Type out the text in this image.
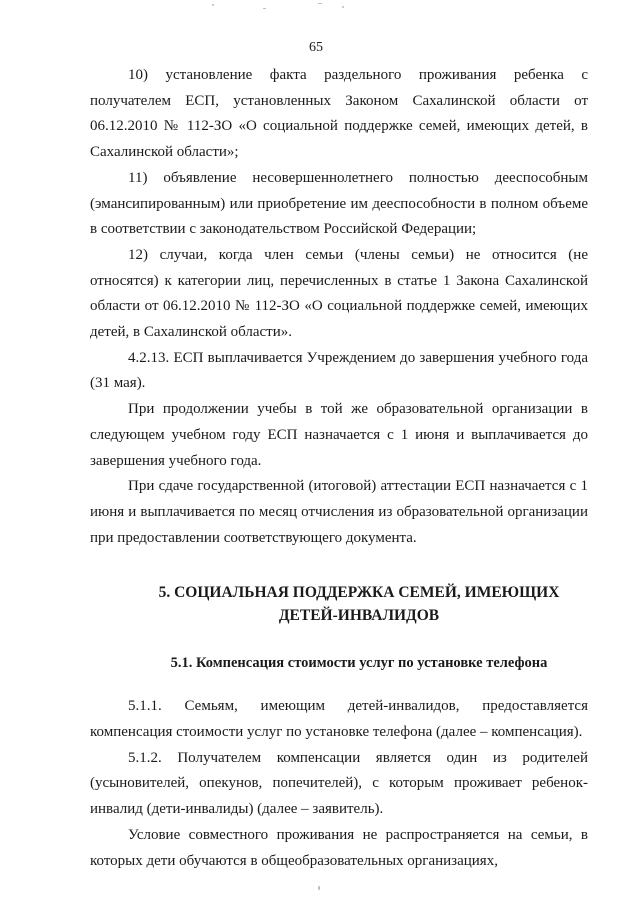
65

10) установление факта раздельного проживания ребенка с получателем ЕСП, установленных Законом Сахалинской области от 06.12.2010 № 112-ЗО «О социальной поддержке семей, имеющих детей, в Сахалинской области»;

11) объявление несовершеннолетнего полностью дееспособным (эмансипированным) или приобретение им дееспособности в полном объеме в соответствии с законодательством Российской Федерации;

12) случаи, когда член семьи (члены семьи) не относится (не относятся) к категории лиц, перечисленных в статье 1 Закона Сахалинской области от 06.12.2010 № 112-ЗО «О социальной поддержке семей, имеющих детей, в Сахалинской области».

4.2.13. ЕСП выплачивается Учреждением до завершения учебного года (31 мая).

При продолжении учебы в той же образовательной организации в следующем учебном году ЕСП назначается с 1 июня и выплачивается до завершения учебного года.

При сдаче государственной (итоговой) аттестации ЕСП назначается с 1 июня и выплачивается по месяц отчисления из образовательной организации при предоставлении соответствующего документа.

5. СОЦИАЛЬНАЯ ПОДДЕРЖКА СЕМЕЙ, ИМЕЮЩИХ ДЕТЕЙ-ИНВАЛИДОВ
5.1. Компенсация стоимости услуг по установке телефона

5.1.1. Семьям, имеющим детей-инвалидов, предоставляется компенсация стоимости услуг по установке телефона (далее – компенсация).

5.1.2. Получателем компенсации является один из родителей (усыновителей, опекунов, попечителей), с которым проживает ребенок-инвалид (дети-инвалиды) (далее – заявитель).

Условие совместного проживания не распространяется на семьи, в которых дети обучаются в общеобразовательных организациях,
